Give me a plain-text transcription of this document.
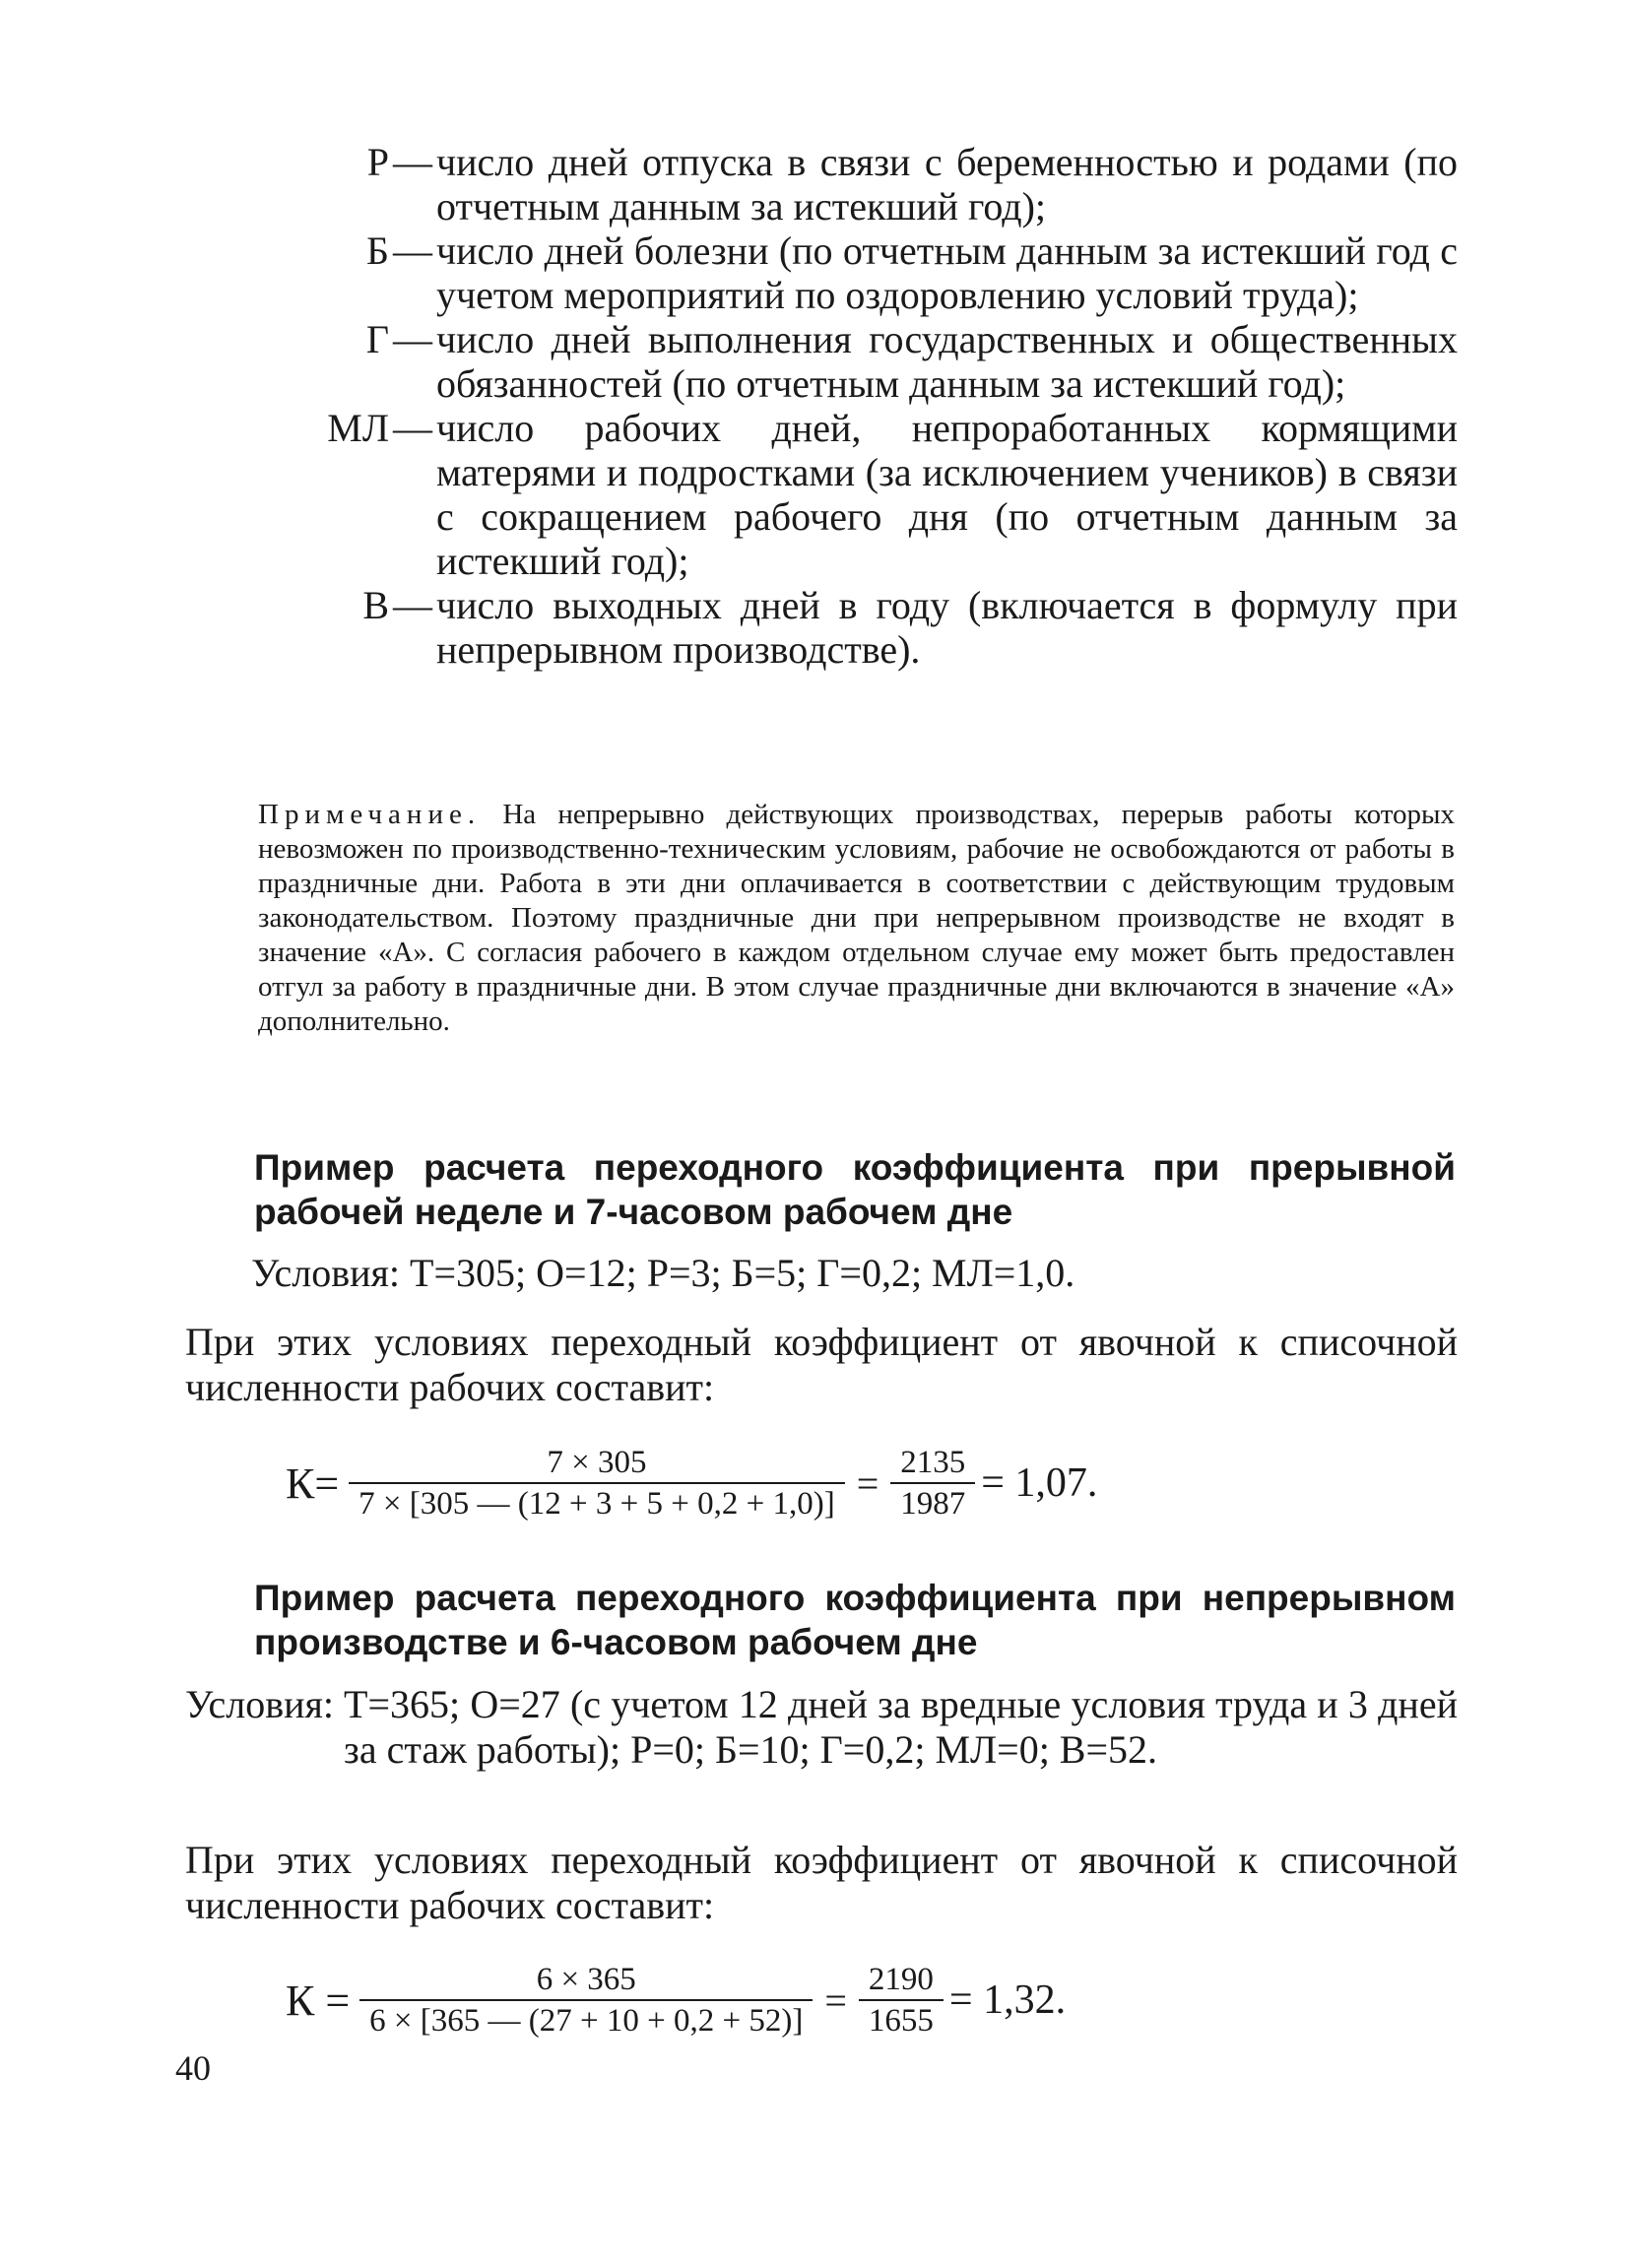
Р — число дней отпуска в связи с беременностью и родами (по отчетным данным за истекший год);
Б — число дней болезни (по отчетным данным за истекший год с учетом мероприятий по оздоровлению условий труда);
Г — число дней выполнения государственных и общественных обязанностей (по отчетным данным за истекший год);
МЛ — число рабочих дней, непроработанных кормящими матерями и подростками (за исключением учеников) в связи с сокращением рабочего дня (по отчетным данным за истекший год);
В — число выходных дней в году (включается в формулу при непрерывном производстве).
Примечание. На непрерывно действующих производствах, перерыв работы которых невозможен по производственно-техническим условиям, рабочие не освобождаются от работы в праздничные дни. Работа в эти дни оплачивается в соответствии с действующим трудовым законодательством. Поэтому праздничные дни при непрерывном производстве не входят в значение «А». С согласия рабочего в каждом отдельном случае ему может быть предоставлен отгул за работу в праздничные дни. В этом случае праздничные дни включаются в значение «А» дополнительно.
Пример расчета переходного коэффициента при прерывной рабочей неделе и 7-часовом рабочем дне
Условия: Т=305; О=12; Р=3; Б=5; Г=0,2; МЛ=1,0.
При этих условиях переходный коэффициент от явочной к списочной численности рабочих составит:
$К= \frac{7 \times 305}{7 \times [305 — (12 + 3 + 5 + 0,2 + 1,0)]} = \frac{2135}{1987} = 1,07$.
Пример расчета переходного коэффициента при непрерывном производстве и 6-часовом рабочем дне
Условия: Т=365; О=27 (с учетом 12 дней за вредные условия труда и 3 дней за стаж работы); Р=0; Б=10; Г=0,2; МЛ=0; В=52.
При этих условиях переходный коэффициент от явочной к списочной численности рабочих составит:
$К = \frac{6 \times 365}{6 \times [365 — (27 + 10 + 0,2 + 52)]} = \frac{2190}{1655} = 1,32$.
40
